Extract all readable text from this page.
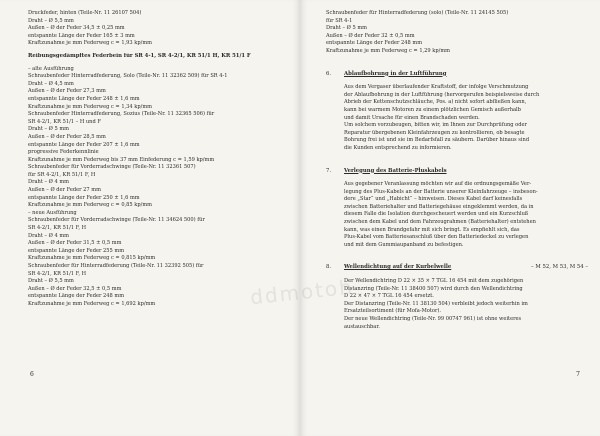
Druckfeder, hinten (Teile-Nr. 11 26107 504)
Draht – Ø 5,5 mm
Außen – Ø der Feder 34,5 ± 0,25 mm
entspannte Länge der Feder 165 ± 3 mm
Kraftzunahme je mm Federweg c = 1,93 kp/mm
Reibungsgedämpftes Federbein für SR 4-1, SR 4-2/1, KR 51/1 H, KR 51/1 F
– alte Ausführung
Schraubenfeder Hinterradfederung, Solo (Teile-Nr. 11 32362 509) für SR 4-1
Draht – Ø 4,5 mm
Außen – Ø der Feder 27,3 mm
entspannte Länge der Feder 248 ± 1,6 mm
Kraftzunahme je mm Federweg c = 1,34 kp/mm
Schraubenfeder Hinterradfederung, Sozius (Teile-Nr. 11 32365 506) für
SR 4-2/1, KR 51/1 – H und F
Draht – Ø 5 mm
Außen – Ø der Feder 28,5 mm
entspannte Länge der Feder 207 ± 1,6 mm
progressive Federkennlinie
Kraftzunahme je mm Federweg bis 37 mm Einfederung c = 1,59 kp/mm
Schraubenfeder für Vorderradschwinge (Teile-Nr. 11 32361 507)
für SR 4-2/1, KR 51/1 F, H
Draht – Ø 4 mm
Außen – Ø der Feder 27 mm
entspannte Länge der Feder 250 ± 1,6 mm
Kraftzunahme je mm Federweg c = 0,85 kp/mm
– neue Ausführung
Schraubenfeder für Vorderradschwinge (Teile-Nr. 11 34624 500) für
SR 4-2/1, KR 51/1 F, H
Draht – Ø 4 mm
Außen – Ø der Feder 31,5 ± 0,5 mm
entspannte Länge der Feder 255 mm
Kraftzunahme je mm Federweg c = 0,815 kp/mm
Schraubenfeder für Hinterradfederung (Teile-Nr. 11 32392 505) für
SR 4-2/1, KR 51/1 F, H
Draht – Ø 5,5 mm
Außen – Ø der Feder 32,5 ± 0,5 mm
entspannte Länge der Feder 248 mm
Kraftzunahme je mm Federweg c = 1,692 kp/mm
6
Schraubenfeder für Hinterradfederung (solo) (Teile-Nr. 11 24145 505)
für SR 4-1
Draht – Ø 5 mm
Außen – Ø der Feder 32 ± 0,5 mm
entspannte Länge der Feder 248 mm
Kraftzunahme je mm Federweg c = 1,29 kp/mm
6.	Ablaufbohrung in der Luftführung
Aus dem Vergaser überlaufender Kraftstoff, der infolge Verschmutzung
der Ablaufbohrung in der Luftführung (hervorgerufen beispielsweise durch
Abrieb der Kettenschutzschläuche, Pos. a) nicht sofort abfließen kann,
kann bei warmem Motoren zu einem plötzlichen Gemisch außerhalb
und damit Ursache für einen Brandschaden werden.
Um solchem vorzubeugen, bitten wir, im Ihnen zur Durchprüfung oder
Reparatur übergebenen Kleinfahrzeugen zu kontrollieren, ob besagte
Bohrung frei ist und sie im Bedarfsfall zu säubern. Darüber hinaus sind
die Kunden entsprechend zu informieren.
7.	Verlegung des Batterie-Pluskabels
Aus gegebener Veranlassung möchten wir auf die ordnungsgemäße Ver-
legung des Plus-Kabels an der Batterie unserer Kleinfahrzeuge – insbeson-
dere „Star“ und „Habicht“ – hinweisen. Dieses Kabel darf keinesfalls
zwischen Batteriehalter und Batteriegehäuse eingeklemmt werden, da in
diesem Falle die Isolation durchgescheuert werden und ein Kurzschluß
zwischen dem Kabel und dem Fahrzeugrahmen (Batteriehalter) entstehen
kann, was einen Brandgefahr mit sich bringt. Es empfiehlt sich, das
Plus-Kabel vom Batteriesanschluß über den Batteriedeckel zu verlegen
und mit dem Gummiaupanband zu befestigen.
8.	Wellendichtung auf der Kurbelwelle	– M 52, M 53, M 54 –
Der Wellendichtring D 22 × 35 × 7 TGL 16 454 mit dem zugehörigen
Distanzring (Teile-Nr. 11 38400 507) wird durch den Wellendichtring
D 22 × 47 × 7 TGL 16 454 ersetzt.
Der Distanzring (Teile-Nr. 11 38130 504) verbleibt jedoch weiterhin im
Ersatzteilsortiment (für Mofa-Motor).
Der neue Wellendichtring (Teile-Nr. 99 00747 961) ist ohne weiteres
austauschbar.
7
